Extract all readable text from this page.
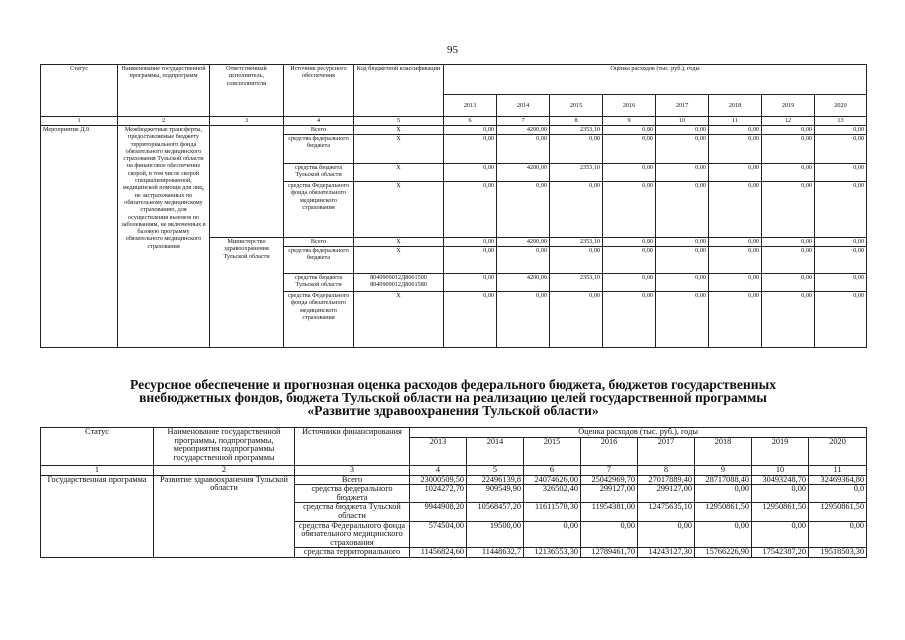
95
Статус	Наименование государственной программы, подпрограмм	Ответственный исполнитель, соисполнители	Источник ресурсного обеспечения	Код бюджетной классификации	Оценка расходов (тыс. руб.), годы							
					2013	2014	2015	2016	2017	2018	2019	2020
1	2	3	4	5	6	7	8	9	10	11	12	13
Мероприятие Д.9.	Межбюджетные трансферты, предоставляемые бюджету территориального фонда обязательного медицинского страхования Тульской области на финансовое обеспечение скорой, в том числе скорой специализированной, медицинской помощи для лиц, не застрахованных по обязательному медицинскому страхованию, для осуществления вызовов по заболеваниям, не включенных в базовую программу обязательного медицинского страхования		Всего	Х	0,00	4200,00	2353,10	0,00	0,00	0,00	0,00	0,00
			средства федерального бюджета	Х	0,00	0,00	0,00	0,00	0,00	0,00	0,00	0,00
			средства бюджета Тульской области	Х	0,00	4200,00	2353,10	0,00	0,00	0,00	0,00	0,00
			средства Федерального фонда обязательного медицинского страхования	Х	0,00	0,00	0,00	0,00	0,00	0,00	0,00	0,00
		Министерство здравоохранения Тульской области	Всего	Х	0,00	4200,00	2353,10	0,00	0,00	0,00	0,00	0,00
			средства федерального бюджета	Х	0,00	0,00	0,00	0,00	0,00	0,00	0,00	0,00
			средства бюджета Тульской области	8040909012Д8061500 8040909012Д8061580	0,00	4200,00	2353,10	0,00	0,00	0,00	0,00	0,00
			средства Федерального фонда обязательного медицинского страхования	Х	0,00	0,00	0,00	0,00	0,00	0,00	0,00	0,00
Ресурсное обеспечение и прогнозная оценка расходов федерального бюджета, бюджетов государственных
внебюджетных фондов, бюджета Тульской области на реализацию целей государственной программы
«Развитие здравоохранения Тульской области»
Статус	Наименование государственной программы, подпрограммы, мероприятия подпрограммы государственной программы	Источники финансирования	Оценка расходов (тыс. руб.), годы							
			2013	2014	2015	2016	2017	2018	2019	2020
1	2	3	4	5	6	7	8	9	10	11
Государственная программа	Развитие здравоохранения Тульской области	Всего	23000509,50	22496139,8	24074626,00	25042969,70	27017889,40	28717088,40	30493248,70	32469364,80
		средства федерального бюджета	1024272,70	909549,90	326502,40	299127,00	299127,00	0,00	0,00	0,0
		средства бюджета Тульской области	9944908,20	10568457,20	11611570,30	11954381,00	12475635,10	12950861,50	12950861,50	12950861,50
		средства Федерального фонда обязательного медицинского страхования	574504,00	19500,00	0,00	0,00	0,00	0,00	0,00	0,00
		средства территориального	11456824,60	11448632,7	12136553,30	12789461,70	14243127,30	15766226,90	17542387,20	19518503,30
